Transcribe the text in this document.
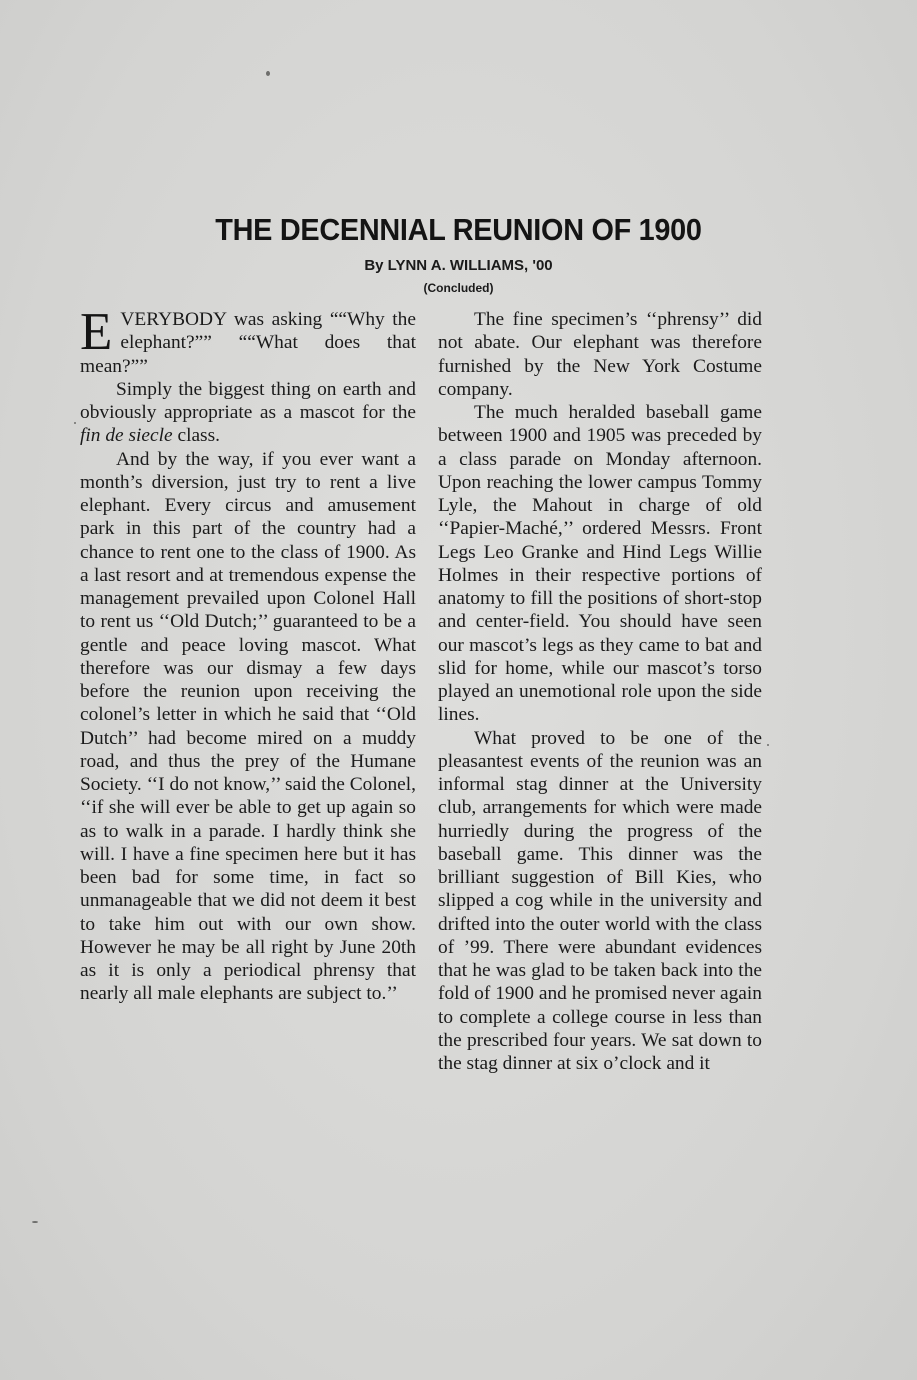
THE DECENNIAL REUNION OF 1900
By LYNN A. WILLIAMS, '00
(Concluded)

EVERYBODY was asking ““Why the elephant?”” ““What does that mean?””

Simply the biggest thing on earth and obviously appropriate as a mascot for the fin de siecle class.

And by the way, if you ever want a month’s diversion, just try to rent a live elephant. Every circus and amusement park in this part of the country had a chance to rent one to the class of 1900. As a last resort and at tremendous expense the management prevailed upon Colonel Hall to rent us ‘‘Old Dutch;’’ guaranteed to be a gentle and peace loving mascot. What therefore was our dismay a few days before the reunion upon receiving the colonel’s letter in which he said that ‘‘Old Dutch’’ had become mired on a muddy road, and thus the prey of the Humane Society. ‘‘I do not know,’’ said the Colonel, ‘‘if she will ever be able to get up again so as to walk in a parade. I hardly think she will. I have a fine specimen here but it has been bad for some time, in fact so unmanageable that we did not deem it best to take him out with our own show. However he may be all right by June 20th as it is only a periodical phrensy that nearly all male elephants are subject to.’’

The fine specimen’s ‘‘phrensy’’ did not abate. Our elephant was therefore furnished by the New York Costume company.

The much heralded baseball game between 1900 and 1905 was preceded by a class parade on Monday afternoon. Upon reaching the lower campus Tommy Lyle, the Mahout in charge of old ‘‘Papier-Maché,’’ ordered Messrs. Front Legs Leo Granke and Hind Legs Willie Holmes in their respective portions of anatomy to fill the positions of short-stop and center-field. You should have seen our mascot’s legs as they came to bat and slid for home, while our mascot’s torso played an unemotional role upon the side lines.

What proved to be one of the pleasantest events of the reunion was an informal stag dinner at the University club, arrangements for which were made hurriedly during the progress of the baseball game. This dinner was the brilliant suggestion of Bill Kies, who slipped a cog while in the university and drifted into the outer world with the class of ’99. There were abundant evidences that he was glad to be taken back into the fold of 1900 and he promised never again to complete a college course in less than the prescribed four years. We sat down to the stag dinner at six o’clock and it
